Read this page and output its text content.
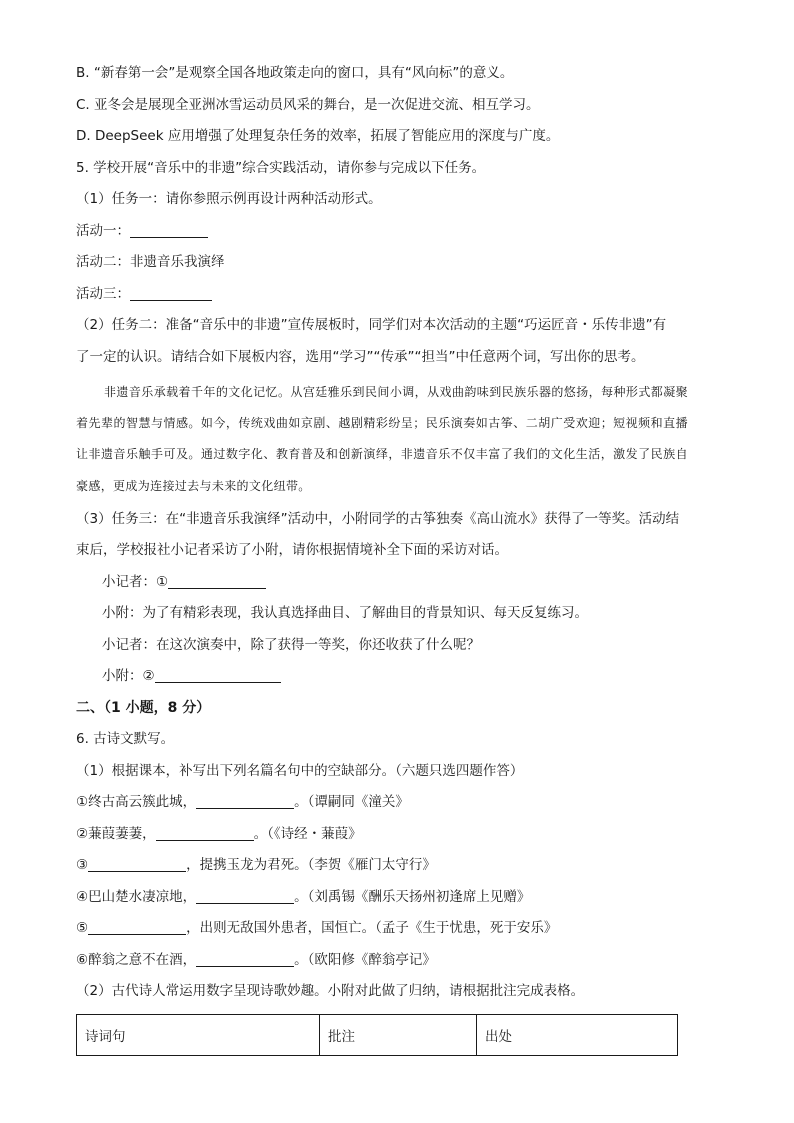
B. “新春第一会”是观察全国各地政策走向的窗口，具有“风向标”的意义。
C. 亚冬会是展现全亚洲冰雪运动员风采的舞台，是一次促进交流、相互学习。
D. DeepSeek 应用增强了处理复杂任务的效率，拓展了智能应用的深度与广度。
5. 学校开展“音乐中的非遗”综合实践活动，请你参与完成以下任务。
（1）任务一：请你参照示例再设计两种活动形式。
活动一：
活动二：非遗音乐我演绎
活动三：
（2）任务二：准备“音乐中的非遗”宣传展板时，同学们对本次活动的主题“巧运匠音・乐传非遗”有
了一定的认识。请结合如下展板内容，选用“学习”“传承”“担当”中任意两个词，写出你的思考。

非遗音乐承载着千年的文化记忆。从宫廷雅乐到民间小调，从戏曲韵味到民族乐器的悠扬，每种形式都凝聚着先辈的智慧与情感。如今，传统戏曲如京剧、越剧精彩纷呈；民乐演奏如古筝、二胡广受欢迎；短视频和直播让非遗音乐触手可及。通过数字化、教育普及和创新演绎，非遗音乐不仅丰富了我们的文化生活，激发了民族自豪感，更成为连接过去与未来的文化纽带。

（3）任务三：在“非遗音乐我演绎”活动中，小附同学的古筝独奏《高山流水》获得了一等奖。活动结
束后，学校报社小记者采访了小附，请你根据情境补全下面的采访对话。
小记者：①
小附：为了有精彩表现，我认真选择曲目、了解曲目的背景知识、每天反复练习。
小记者：在这次演奏中，除了获得一等奖，你还收获了什么呢？
小附：②
二、（1 小题，8 分）
6. 古诗文默写。
（1）根据课本，补写出下列名篇名句中的空缺部分。（六题只选四题作答）
①终古高云簇此城，	。（谭嗣同《潼关》
②蒹葭萋萋，	。（《诗经・蒹葭》
③	，提携玉龙为君死。（李贺《雁门太守行》
④巴山楚水凄凉地，	。（刘禹锡《酬乐天扬州初逢席上见赠》
⑤	，出则无敌国外患者，国恒亡。（孟子《生于忧患，死于安乐》
⑥醉翁之意不在酒，	。（欧阳修《醉翁亭记》
（2）古代诗人常运用数字呈现诗歌妙趣。小附对此做了归纳，请根据批注完成表格。
诗词句	批注	出处
